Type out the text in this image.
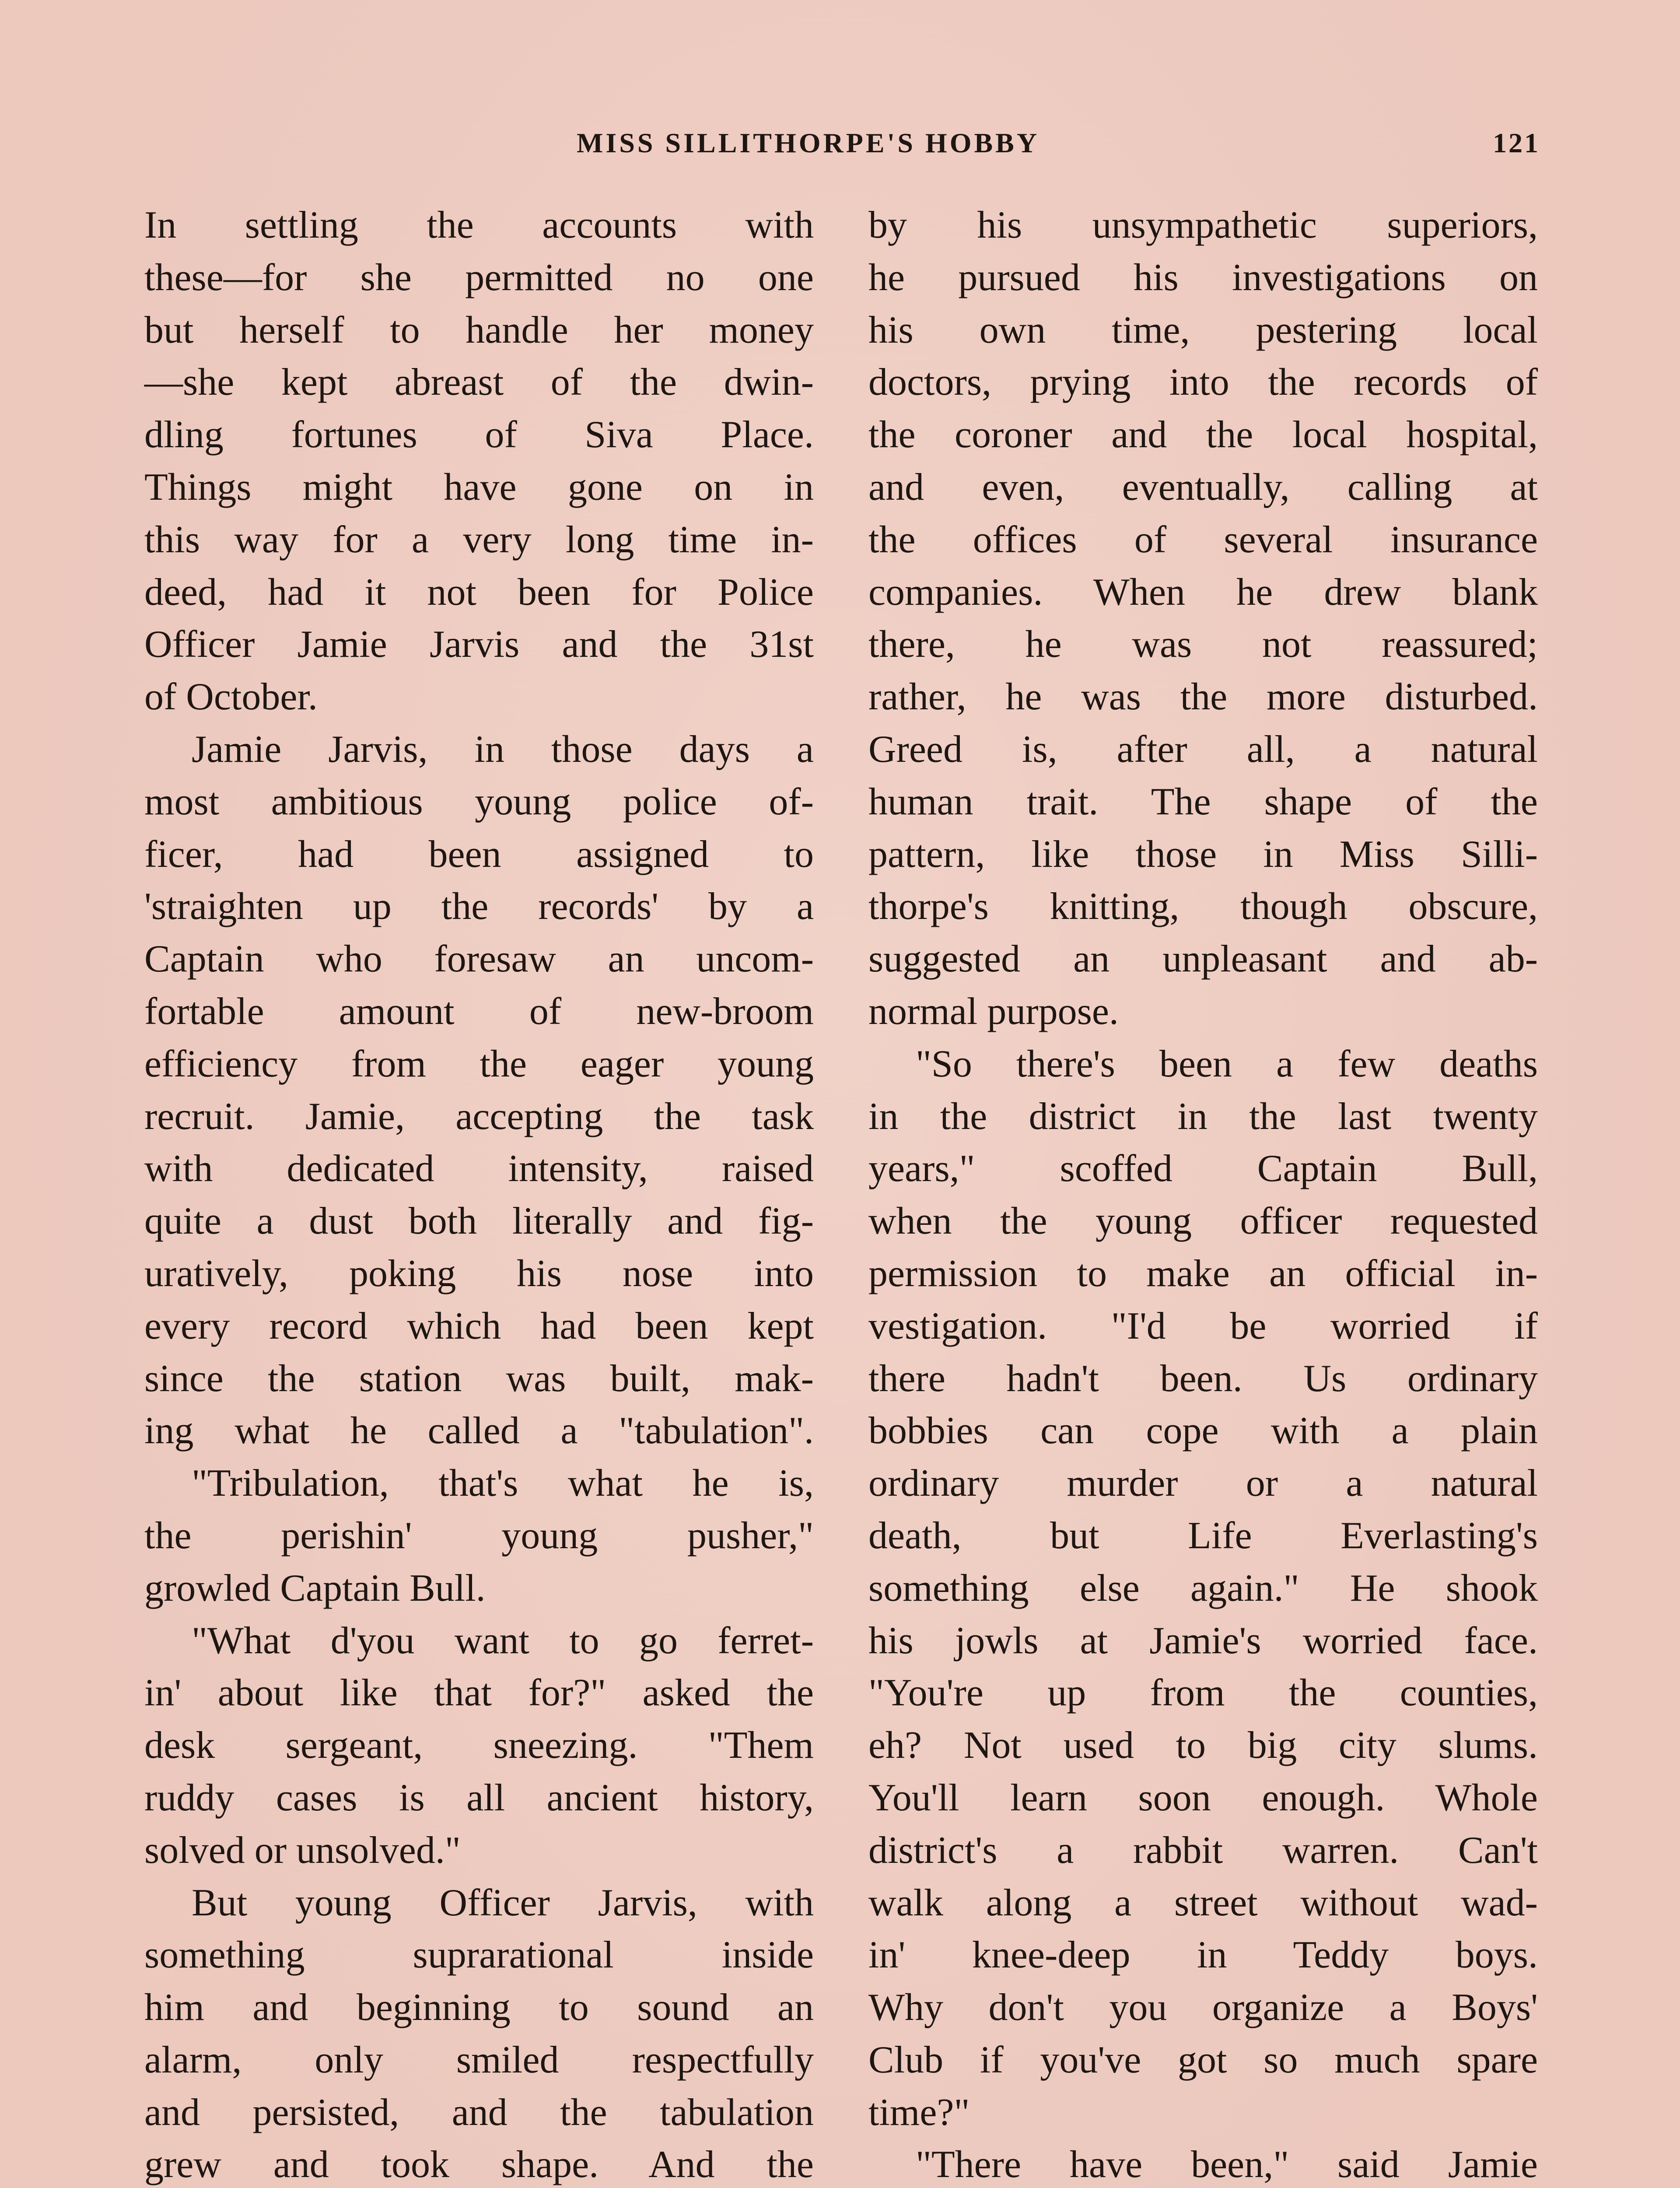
MISS SILLITHORPE'S HOBBY	121

In settling the accounts with

these—for she permitted no one

but herself to handle her money

—she kept abreast of the dwin-

dling fortunes of Siva Place.

Things might have gone on in

this way for a very long time in-

deed, had it not been for Police

Officer Jamie Jarvis and the 31st

of October.

Jamie Jarvis, in those days a

most ambitious young police of-

ficer, had been assigned to

'straighten up the records' by a

Captain who foresaw an uncom-

fortable amount of new-broom

efficiency from the eager young

recruit. Jamie, accepting the task

with dedicated intensity, raised

quite a dust both literally and fig-

uratively, poking his nose into

every record which had been kept

since the station was built, mak-

ing what he called a "tabulation".

"Tribulation, that's what he is,

the perishin' young pusher,"

growled Captain Bull.

"What d'you want to go ferret-

in' about like that for?" asked the

desk sergeant, sneezing. "Them

ruddy cases is all ancient history,

solved or unsolved."

But young Officer Jarvis, with

something suprarational inside

him and beginning to sound an

alarm, only smiled respectfully

and persisted, and the tabulation

grew and took shape. And the

by his unsympathetic superiors,

he pursued his investigations on

his own time, pestering local

doctors, prying into the records of

the coroner and the local hospital,

and even, eventually, calling at

the offices of several insurance

companies. When he drew blank

there, he was not reassured;

rather, he was the more disturbed.

Greed is, after all, a natural

human trait. The shape of the

pattern, like those in Miss Silli-

thorpe's knitting, though obscure,

suggested an unpleasant and ab-

normal purpose.

"So there's been a few deaths

in the district in the last twenty

years," scoffed Captain Bull,

when the young officer requested

permission to make an official in-

vestigation. "I'd be worried if

there hadn't been. Us ordinary

bobbies can cope with a plain

ordinary murder or a natural

death, but Life Everlasting's

something else again." He shook

his jowls at Jamie's worried face.

"You're up from the counties,

eh? Not used to big city slums.

You'll learn soon enough. Whole

district's a rabbit warren. Can't

walk along a street without wad-

in' knee-deep in Teddy boys.

Why don't you organize a Boys'

Club if you've got so much spare

time?"

"There have been," said Jamie
